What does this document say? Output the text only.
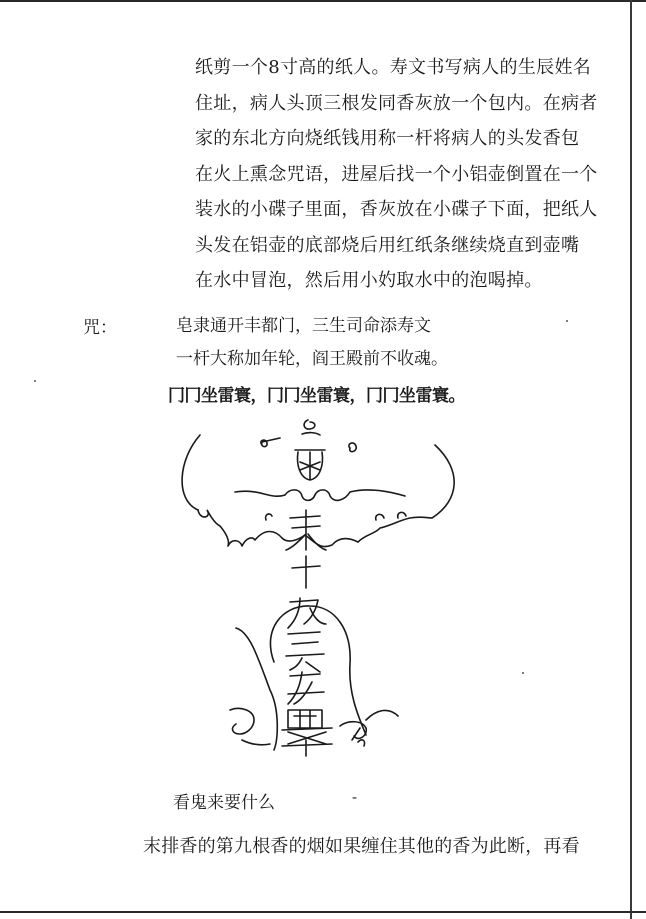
纸剪一个8寸高的纸人。寿文书写病人的生辰姓名
住址，病人头顶三根发同香灰放一个包内。在病者
家的东北方向烧纸钱用称一杆将病人的头发香包
在火上熏念咒语，进屋后找一个小铝壶倒置在一个
装水的小碟子里面，香灰放在小碟子下面，把纸人
头发在铝壶的底部烧后用红纸条继续烧直到壶嘴
在水中冒泡，然后用小妁取水中的泡喝掉。
咒：	皂隶通开丰都门，三生司命添寿文
一杆大称加年轮，阎王殿前不收魂。
冂冂坐雷寰，冂冂坐雷寰，冂冂坐雷寰。
看鬼来要什么	-
末排香的第九根香的烟如果缠住其他的香为此断，再看
